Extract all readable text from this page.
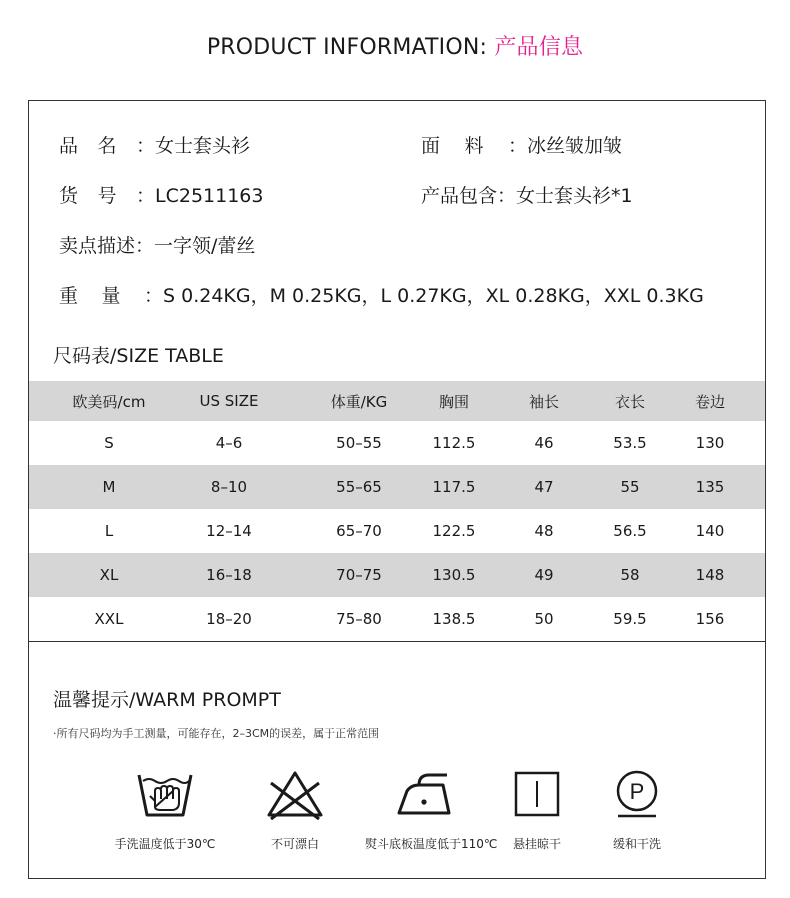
PRODUCT INFORMATION: 产品信息
品名：女士套头衫	面料：冰丝皱加皱
货号：LC2511163	产品包含：女士套头衫*1
卖点描述：一字领/蕾丝
重量：S 0.24KG，M 0.25KG，L 0.27KG，XL 0.28KG，XXL 0.3KG
尺码表/SIZE TABLE
欧美码/cm	US SIZE	体重/KG	胸围	袖长	衣长	卷边
S	4–6	50–55	112.5	46	53.5	130
M	8–10	55–65	117.5	47	55	135
L	12–14	65–70	122.5	48	56.5	140
XL	16–18	70–75	130.5	49	58	148
XXL	18–20	75–80	138.5	50	59.5	156
温馨提示/WARM PROMPT
·所有尺码均为手工测量，可能存在，2–3CM的误差，属于正常范围
手洗温度低于30℃	不可漂白	熨斗底板温度低于110℃	悬挂晾干
P
缓和干洗
